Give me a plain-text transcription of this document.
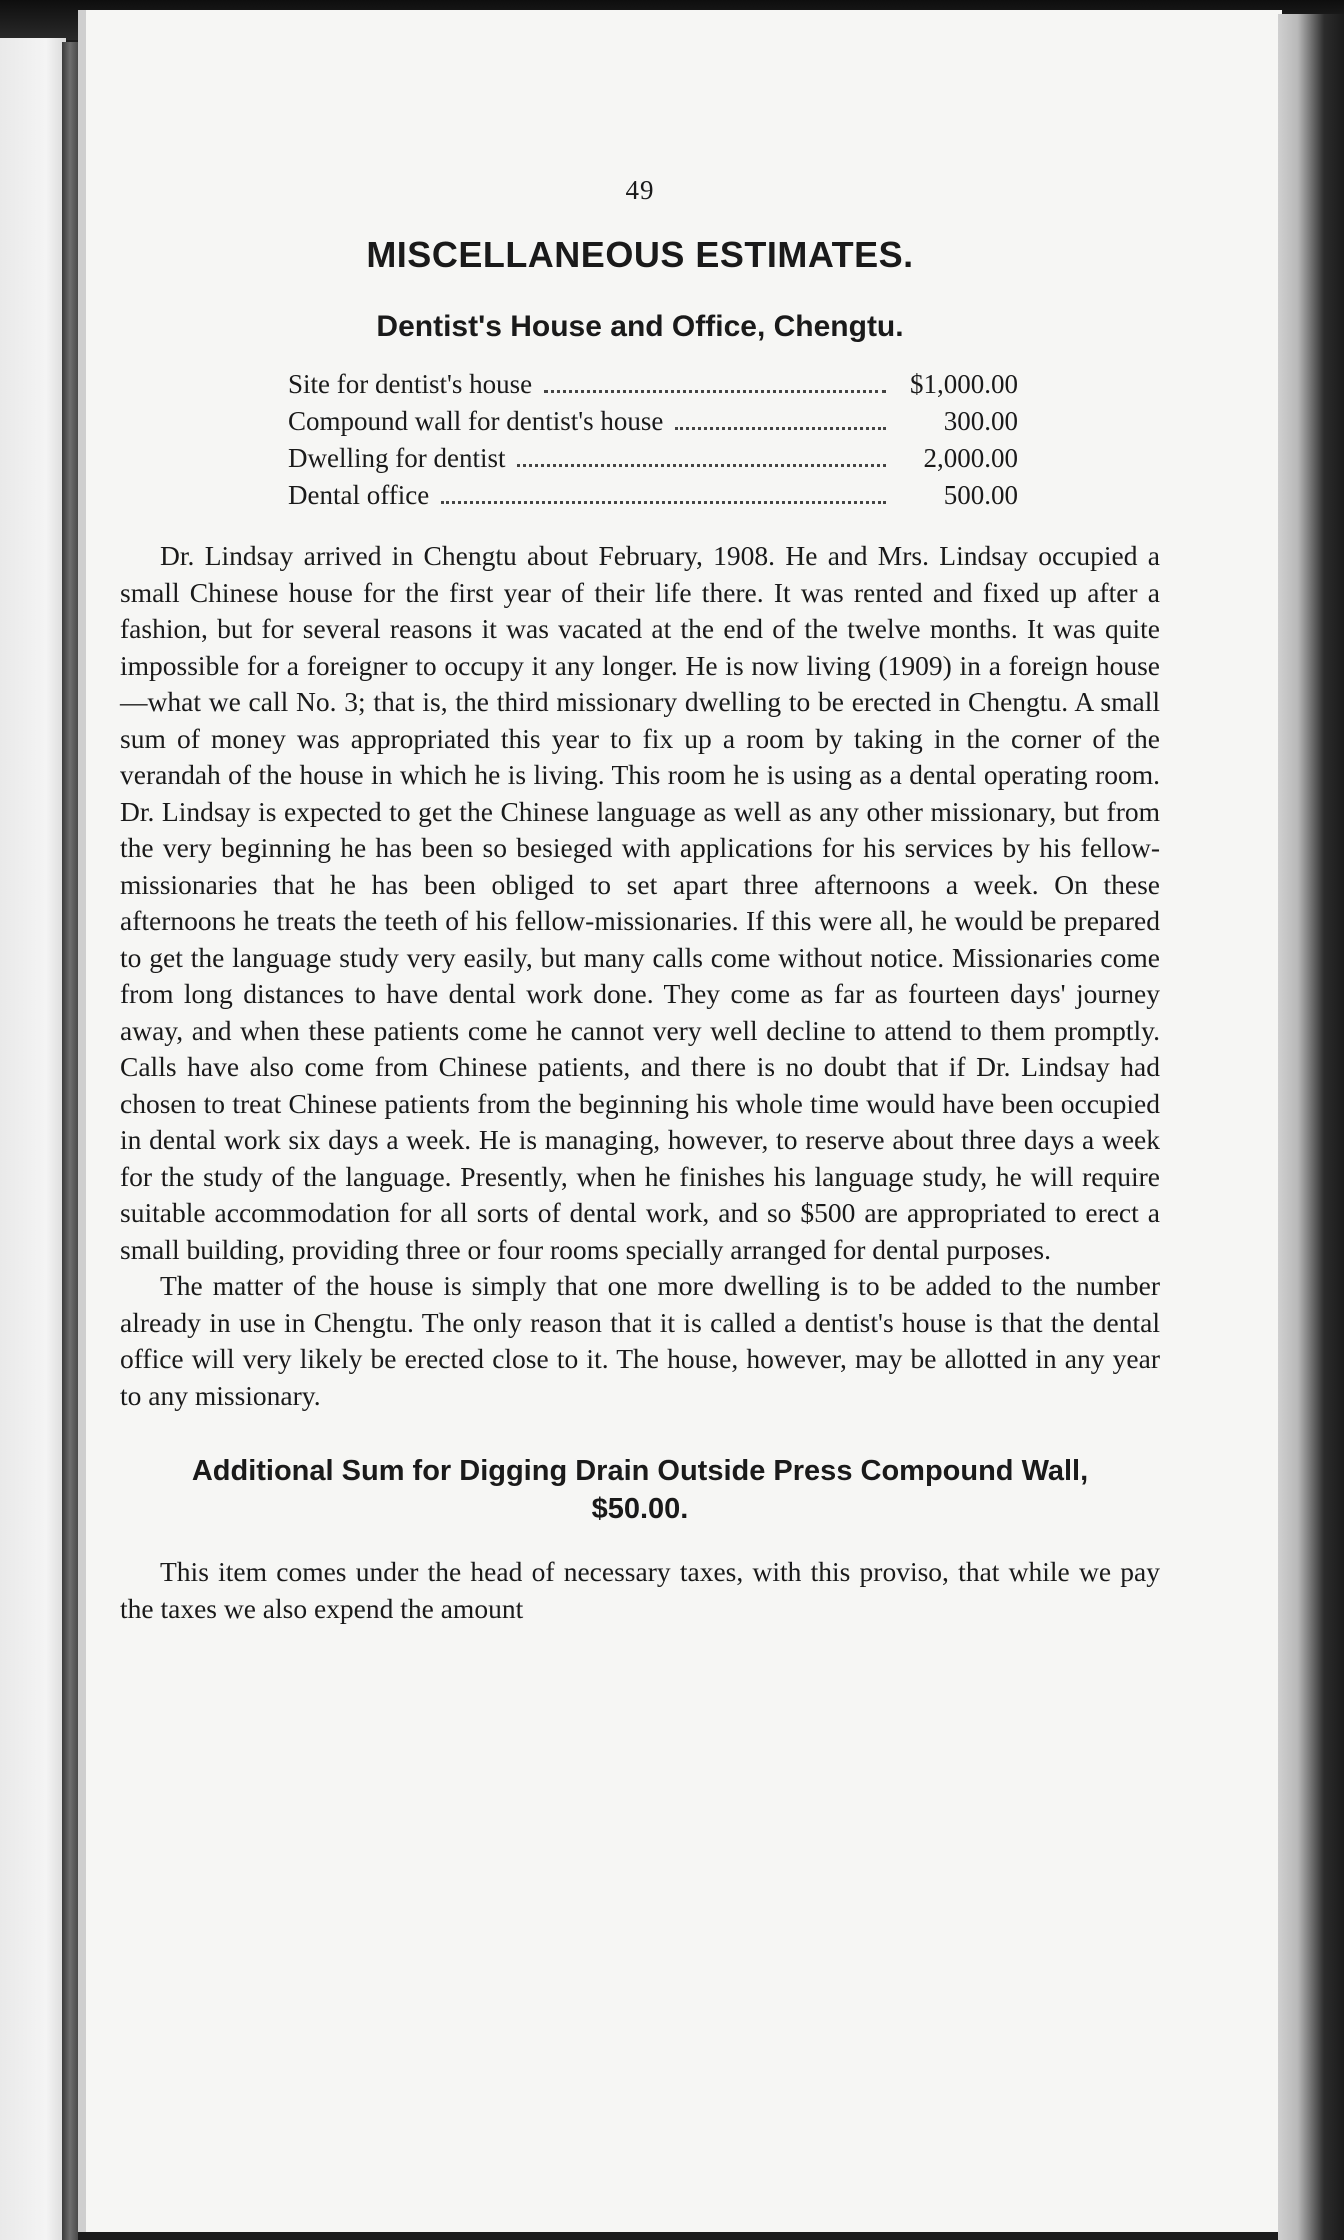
49
MISCELLANEOUS ESTIMATES.
Dentist's House and Office, Chengtu.
Site for dentist's house	$1,000.00
Compound wall for dentist's house	300.00
Dwelling for dentist	2,000.00
Dental office	500.00

Dr. Lindsay arrived in Chengtu about February, 1908. He and Mrs. Lindsay occupied a small Chinese house for the first year of their life there. It was rented and fixed up after a fashion, but for several reasons it was vacated at the end of the twelve months. It was quite impossible for a foreigner to occupy it any longer. He is now living (1909) in a foreign house—what we call No. 3; that is, the third missionary dwelling to be erected in Chengtu. A small sum of money was appropriated this year to fix up a room by taking in the corner of the verandah of the house in which he is living. This room he is using as a dental operating room. Dr. Lindsay is expected to get the Chinese language as well as any other missionary, but from the very beginning he has been so besieged with applications for his services by his fellow-missionaries that he has been obliged to set apart three afternoons a week. On these afternoons he treats the teeth of his fellow-missionaries. If this were all, he would be prepared to get the language study very easily, but many calls come without notice. Missionaries come from long distances to have dental work done. They come as far as fourteen days' journey away, and when these patients come he cannot very well decline to attend to them promptly. Calls have also come from Chinese patients, and there is no doubt that if Dr. Lindsay had chosen to treat Chinese patients from the beginning his whole time would have been occupied in dental work six days a week. He is managing, however, to reserve about three days a week for the study of the language. Presently, when he finishes his language study, he will require suitable accommodation for all sorts of dental work, and so $500 are appropriated to erect a small building, providing three or four rooms specially arranged for dental purposes.

The matter of the house is simply that one more dwelling is to be added to the number already in use in Chengtu. The only reason that it is called a dentist's house is that the dental office will very likely be erected close to it. The house, however, may be allotted in any year to any missionary.

Additional Sum for Digging Drain Outside Press Compound Wall, $50.00.

This item comes under the head of necessary taxes, with this proviso, that while we pay the taxes we also expend the amount
